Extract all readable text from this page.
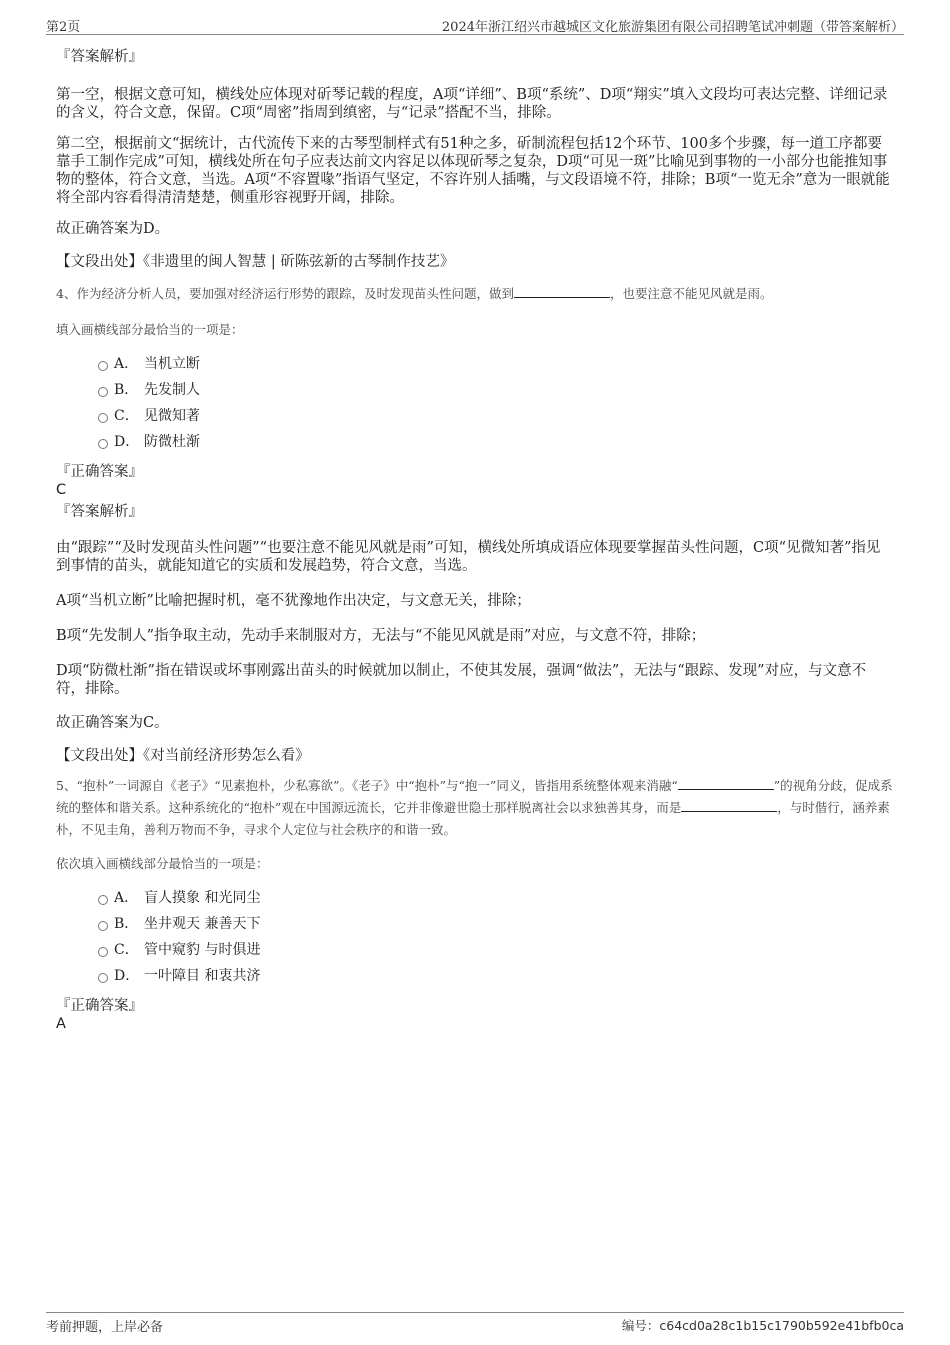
第2页	2024年浙江绍兴市越城区文化旅游集团有限公司招聘笔试冲刺题（带答案解析）

『答案解析』

第一空，根据文意可知，横线处应体现对斫琴记载的程度，A项“详细”、B项“系统”、D项“翔实”填入文段均可表达完整、详细记录的含义，符合文意，保留。C项“周密”指周到缜密，与“记录”搭配不当，排除。

第二空，根据前文“据统计，古代流传下来的古琴型制样式有51种之多，斫制流程包括12个环节、100多个步骤，每一道工序都要靠手工制作完成”可知，横线处所在句子应表达前文内容足以体现斫琴之复杂，D项“可见一斑”比喻见到事物的一小部分也能推知事物的整体，符合文意，当选。A项“不容置喙”指语气坚定，不容许别人插嘴，与文段语境不符，排除；B项“一览无余”意为一眼就能将全部内容看得清清楚楚，侧重形容视野开阔，排除。

故正确答案为D。

【文段出处】《非遗里的闽人智慧 | 斫陈弦新的古琴制作技艺》

4、作为经济分析人员，要加强对经济运行形势的跟踪，及时发现苗头性问题，做到	，也要注意不能见风就是雨。
填入画横线部分最恰当的一项是：
A． 当机立断
B． 先发制人
C． 见微知著
D． 防微杜渐

『正确答案』

C

『答案解析』

由“跟踪”“及时发现苗头性问题”“也要注意不能见风就是雨”可知，横线处所填成语应体现要掌握苗头性问题，C项“见微知著”指见到事情的苗头，就能知道它的实质和发展趋势，符合文意，当选。

A项“当机立断”比喻把握时机，毫不犹豫地作出决定，与文意无关，排除；

B项“先发制人”指争取主动，先动手来制服对方，无法与“不能见风就是雨”对应，与文意不符，排除；

D项“防微杜渐”指在错误或坏事刚露出苗头的时候就加以制止，不使其发展，强调“做法”，无法与“跟踪、发现”对应，与文意不符，排除。

故正确答案为C。

【文段出处】《对当前经济形势怎么看》

5、“抱朴”一词源自《老子》“见素抱朴，少私寡欲”。《老子》中“抱朴”与“抱一”同义，皆指用系统整体观来消融“	”的视角分歧，促成系统的整体和谐关系。这种系统化的“抱朴”观在中国源远流长，它并非像避世隐士那样脱离社会以求独善其身，而是	，与时偕行，涵养素朴，不见圭角，善利万物而不争，寻求个人定位与社会秩序的和谐一致。
依次填入画横线部分最恰当的一项是：
A． 盲人摸象 和光同尘
B． 坐井观天 兼善天下
C． 管中窥豹 与时俱进
D． 一叶障目 和衷共济

『正确答案』

A

考前押题，上岸必备	编号：c64cd0a28c1b15c1790b592e41bfb0ca
